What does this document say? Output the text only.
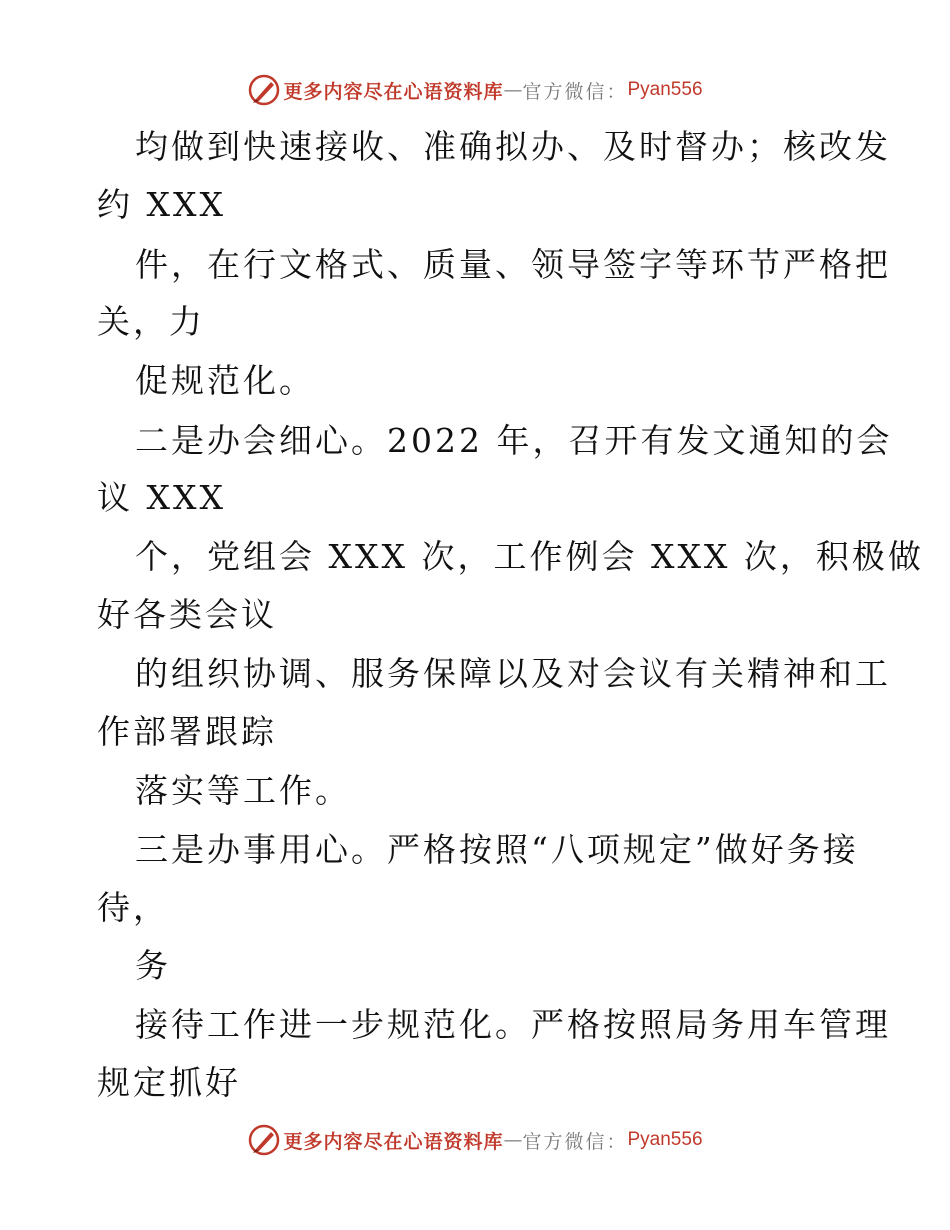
更多内容尽在心语资料库 — 官方微信： Pyan556
均做到快速接收、准确拟办、及时督办；核改发
约 XXX
件，在行文格式、质量、领导签字等环节严格把
关，力
促规范化。
二是办会细心。2022 年，召开有发文通知的会
议 XXX
个，党组会 XXX 次，工作例会 XXX 次，积极做
好各类会议
的组织协调、服务保障以及对会议有关精神和工
作部署跟踪
落实等工作。
三是办事用心。严格按照“八项规定”做好务接
待，
务
接待工作进一步规范化。严格按照局务用车管理
规定抓好
更多内容尽在心语资料库 — 官方微信： Pyan556
